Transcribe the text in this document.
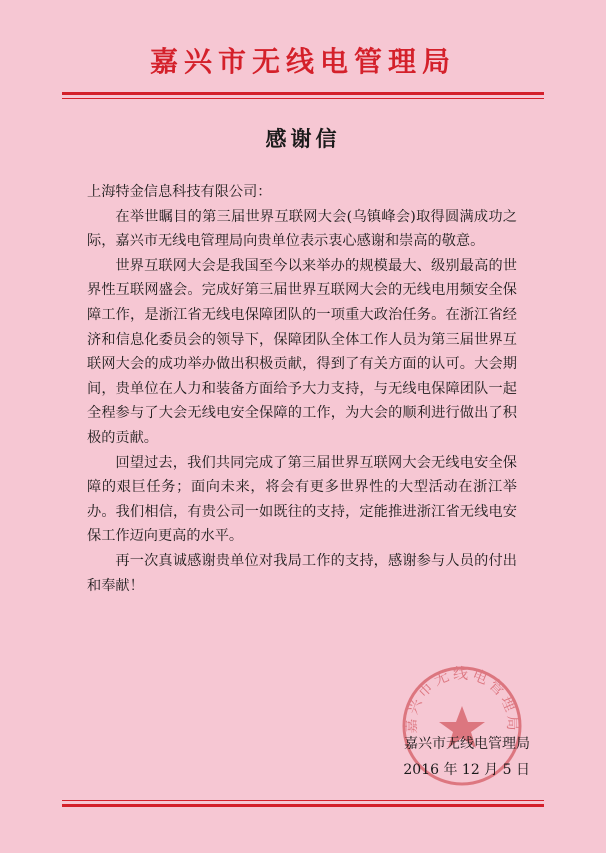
嘉兴市无线电管理局
感谢信

上海特金信息科技有限公司：

在举世瞩目的第三届世界互联网大会(乌镇峰会)取得圆满成功之际，嘉兴市无线电管理局向贵单位表示衷心感谢和崇高的敬意。

世界互联网大会是我国至今以来举办的规模最大、级别最高的世界性互联网盛会。完成好第三届世界互联网大会的无线电用频安全保障工作，是浙江省无线电保障团队的一项重大政治任务。在浙江省经济和信息化委员会的领导下，保障团队全体工作人员为第三届世界互联网大会的成功举办做出积极贡献，得到了有关方面的认可。大会期间，贵单位在人力和装备方面给予大力支持，与无线电保障团队一起全程参与了大会无线电安全保障的工作，为大会的顺利进行做出了积极的贡献。

回望过去，我们共同完成了第三届世界互联网大会无线电安全保障的艰巨任务；面向未来，将会有更多世界性的大型活动在浙江举办。我们相信，有贵公司一如既往的支持，定能推进浙江省无线电安保工作迈向更高的水平。

再一次真诚感谢贵单位对我局工作的支持，感谢参与人员的付出和奉献！

嘉兴市无线电管理局
嘉兴市无线电管理局
2016 年 12 月 5 日
